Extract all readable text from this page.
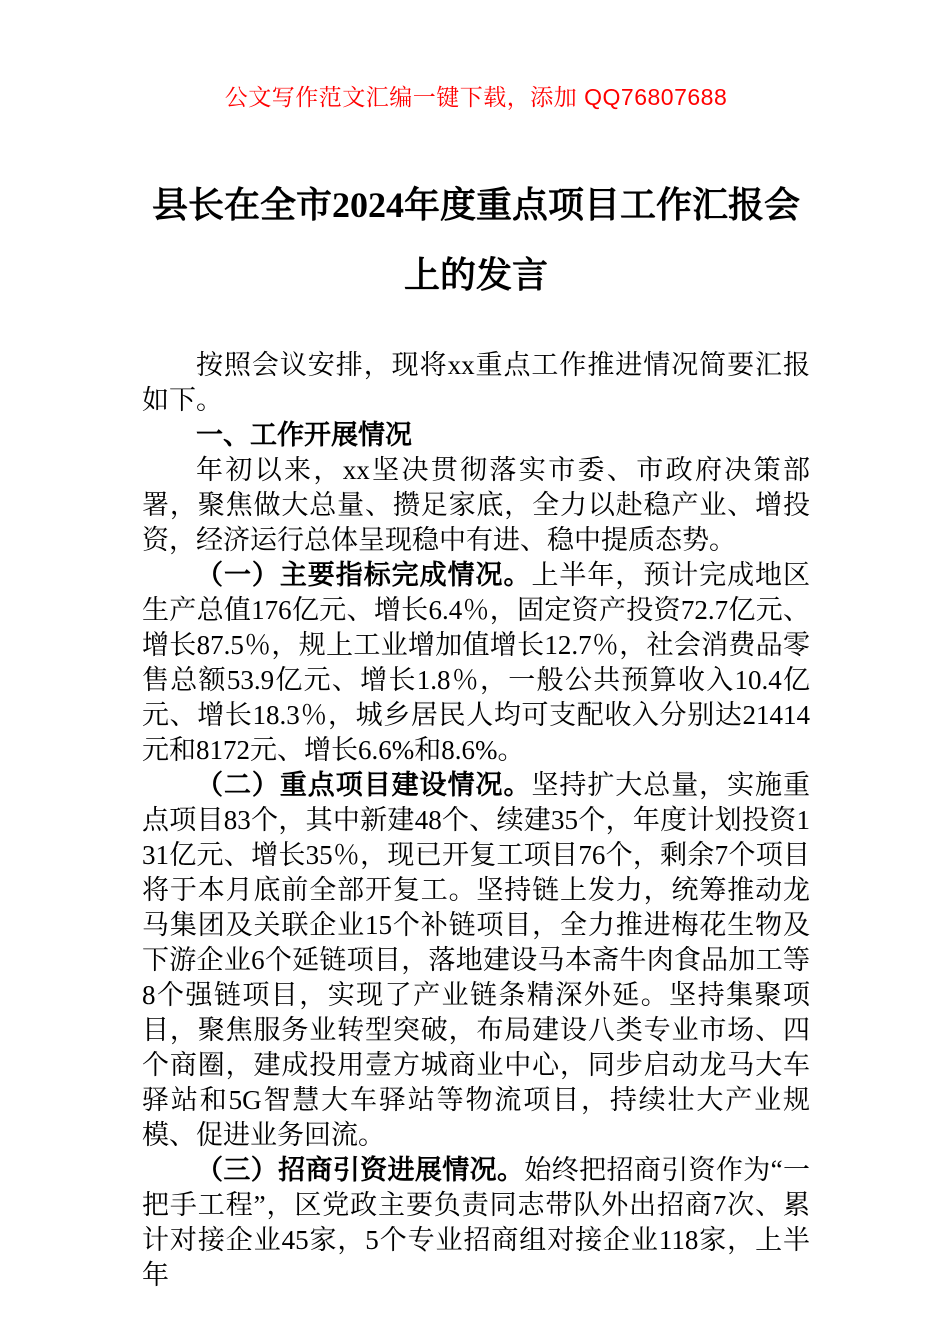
公文写作范文汇编一键下载，添加 QQ76807688
县长在全市2024年度重点项目工作汇报会上的发言

按照会议安排，现将xx重点工作推进情况简要汇报如下。

一、工作开展情况

年初以来，xx坚决贯彻落实市委、市政府决策部署，聚焦做大总量、攒足家底，全力以赴稳产业、增投资，经济运行总体呈现稳中有进、稳中提质态势。

（一）主要指标完成情况。上半年，预计完成地区生产总值176亿元、增长6.4％，固定资产投资72.7亿元、增长87.5％，规上工业增加值增长12.7％，社会消费品零售总额53.9亿元、增长1.8％，一般公共预算收入10.4亿元、增长18.3％，城乡居民人均可支配收入分别达21414元和8172元、增长6.6%和8.6%。

（二）重点项目建设情况。坚持扩大总量，实施重点项目83个，其中新建48个、续建35个，年度计划投资131亿元、增长35％，现已开复工项目76个，剩余7个项目将于本月底前全部开复工。坚持链上发力，统筹推动龙马集团及关联企业15个补链项目，全力推进梅花生物及下游企业6个延链项目，落地建设马本斋牛肉食品加工等8个强链项目，实现了产业链条精深外延。坚持集聚项目，聚焦服务业转型突破，布局建设八类专业市场、四个商圈，建成投用壹方城商业中心，同步启动龙马大车驿站和5G智慧大车驿站等物流项目，持续壮大产业规模、促进业务回流。

（三）招商引资进展情况。始终把招商引资作为“一把手工程”，区党政主要负责同志带队外出招商7次、累计对接企业45家，5个专业招商组对接企业118家，上半年
